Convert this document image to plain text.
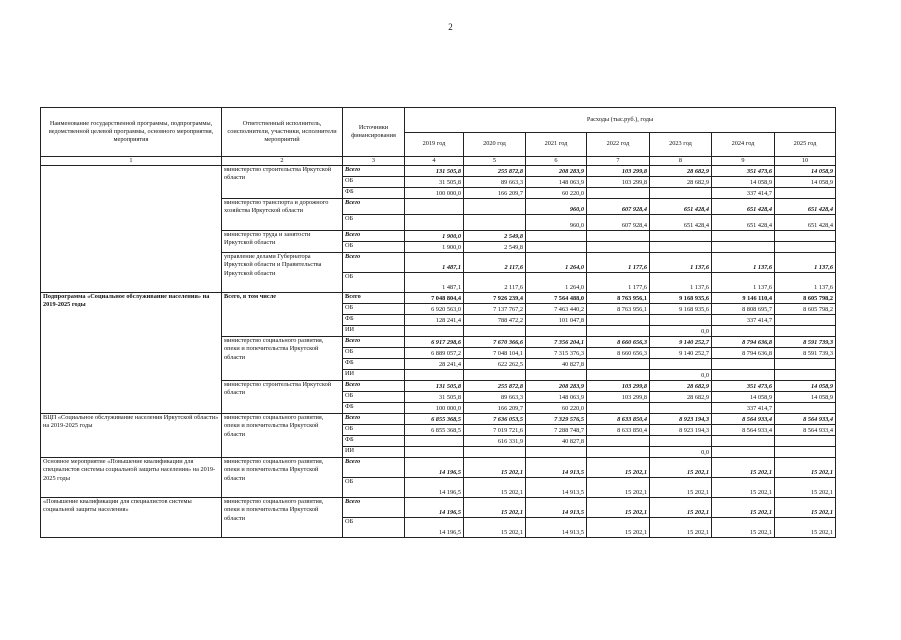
2
Наименование государственной программы, подпрограммы, ведомственной целевой программы, основного мероприятия, мероприятия	Ответственный исполнитель, соисполнители, участники, исполнители мероприятий	Источники финансирования	Расходы (тыс.руб.), годы						
			2019 год	2020 год	2021 год	2022 год	2023 год	2024 год	2025 год
1	2	3	4	5	6	7	8	9	10
	министерство строительства Иркутской области	Всего	131 505,8	255 872,8	208 283,9	103 299,8	28 682,9	351 473,6	14 058,9
		ОБ	31 505,8	89 663,3	148 063,9	103 299,8	28 682,9	14 058,9	14 058,9
		ФБ	100 000,0	166 209,7	60 220,0			337 414,7	
	министерство транспорта и дорожного хозяйства Иркутской области	Всего			960,0	607 928,4	651 428,4	651 428,4	651 428,4
		ОБ			960,0	607 928,4	651 428,4	651 428,4	651 428,4
	министерство труда и занятости Иркутской области	Всего	1 900,0	2 549,8					
		ОБ	1 900,0	2 549,8					
	управление делами Губернатора Иркутской области и Правительства Иркутской области	Всего	1 487,1	2 117,6	1 264,0	1 177,6	1 137,6	1 137,6	1 137,6
		ОБ	1 487,1	2 117,6	1 264,0	1 177,6	1 137,6	1 137,6	1 137,6
Подпрограмма «Социальное обслуживание населения» на 2019-2025 годы	Всего, в том числе	Всего	7 048 804,4	7 926 239,4	7 564 488,0	8 763 956,1	9 168 935,6	9 146 110,4	8 605 798,2
		ОБ	6 920 563,0	7 137 767,2	7 463 440,2	8 763 956,1	9 168 935,6	8 808 695,7	8 605 798,2
		ФБ	128 241,4	788 472,2	101 047,8			337 414,7	
		ИИ					0,0		
	министерство социального развития, опеки и попечительства Иркутской области	Всего	6 917 298,6	7 670 366,6	7 356 204,1	8 660 656,3	9 140 252,7	8 794 636,8	8 591 739,3
		ОБ	6 889 057,2	7 048 104,1	7 315 376,3	8 660 656,3	9 140 252,7	8 794 636,8	8 591 739,3
		ФБ	28 241,4	622 262,5	40 827,8				
		ИИ					0,0		
	министерство строительства Иркутской области	Всего	131 505,8	255 872,8	208 283,9	103 299,8	28 682,9	351 473,6	14 058,9
		ОБ	31 505,8	89 663,3	148 063,9	103 299,8	28 682,9	14 058,9	14 058,9
		ФБ	100 000,0	166 209,7	60 220,0			337 414,7	
ВЦП «Социальное обслуживание населения Иркутской области» на 2019-2025 годы	министерство социального развития, опеки и попечительства Иркутской области	Всего	6 855 368,5	7 636 053,5	7 329 576,5	8 633 850,4	8 923 194,3	8 564 933,4	8 564 933,4
		ОБ	6 855 368,5	7 019 721,6	7 288 748,7	8 633 850,4	8 923 194,3	8 564 933,4	8 564 933,4
		ФБ		616 331,9	40 827,8				
		ИИ					0,0		
Основное мероприятие «Повышение квалификации для специалистов системы социальной защиты населения» на 2019-2025 годы	министерство социального развития, опеки и попечительства Иркутской области	Всего	14 196,5	15 202,1	14 913,5	15 202,1	15 202,1	15 202,1	15 202,1
		ОБ	14 196,5	15 202,1	14 913,5	15 202,1	15 202,1	15 202,1	15 202,1
«Повышение квалификации для специалистов системы социальной защиты населения»	министерство социального развития, опеки и попечительства Иркутской области	Всего	14 196,5	15 202,1	14 913,5	15 202,1	15 202,1	15 202,1	15 202,1
		ОБ	14 196,5	15 202,1	14 913,5	15 202,1	15 202,1	15 202,1	15 202,1
